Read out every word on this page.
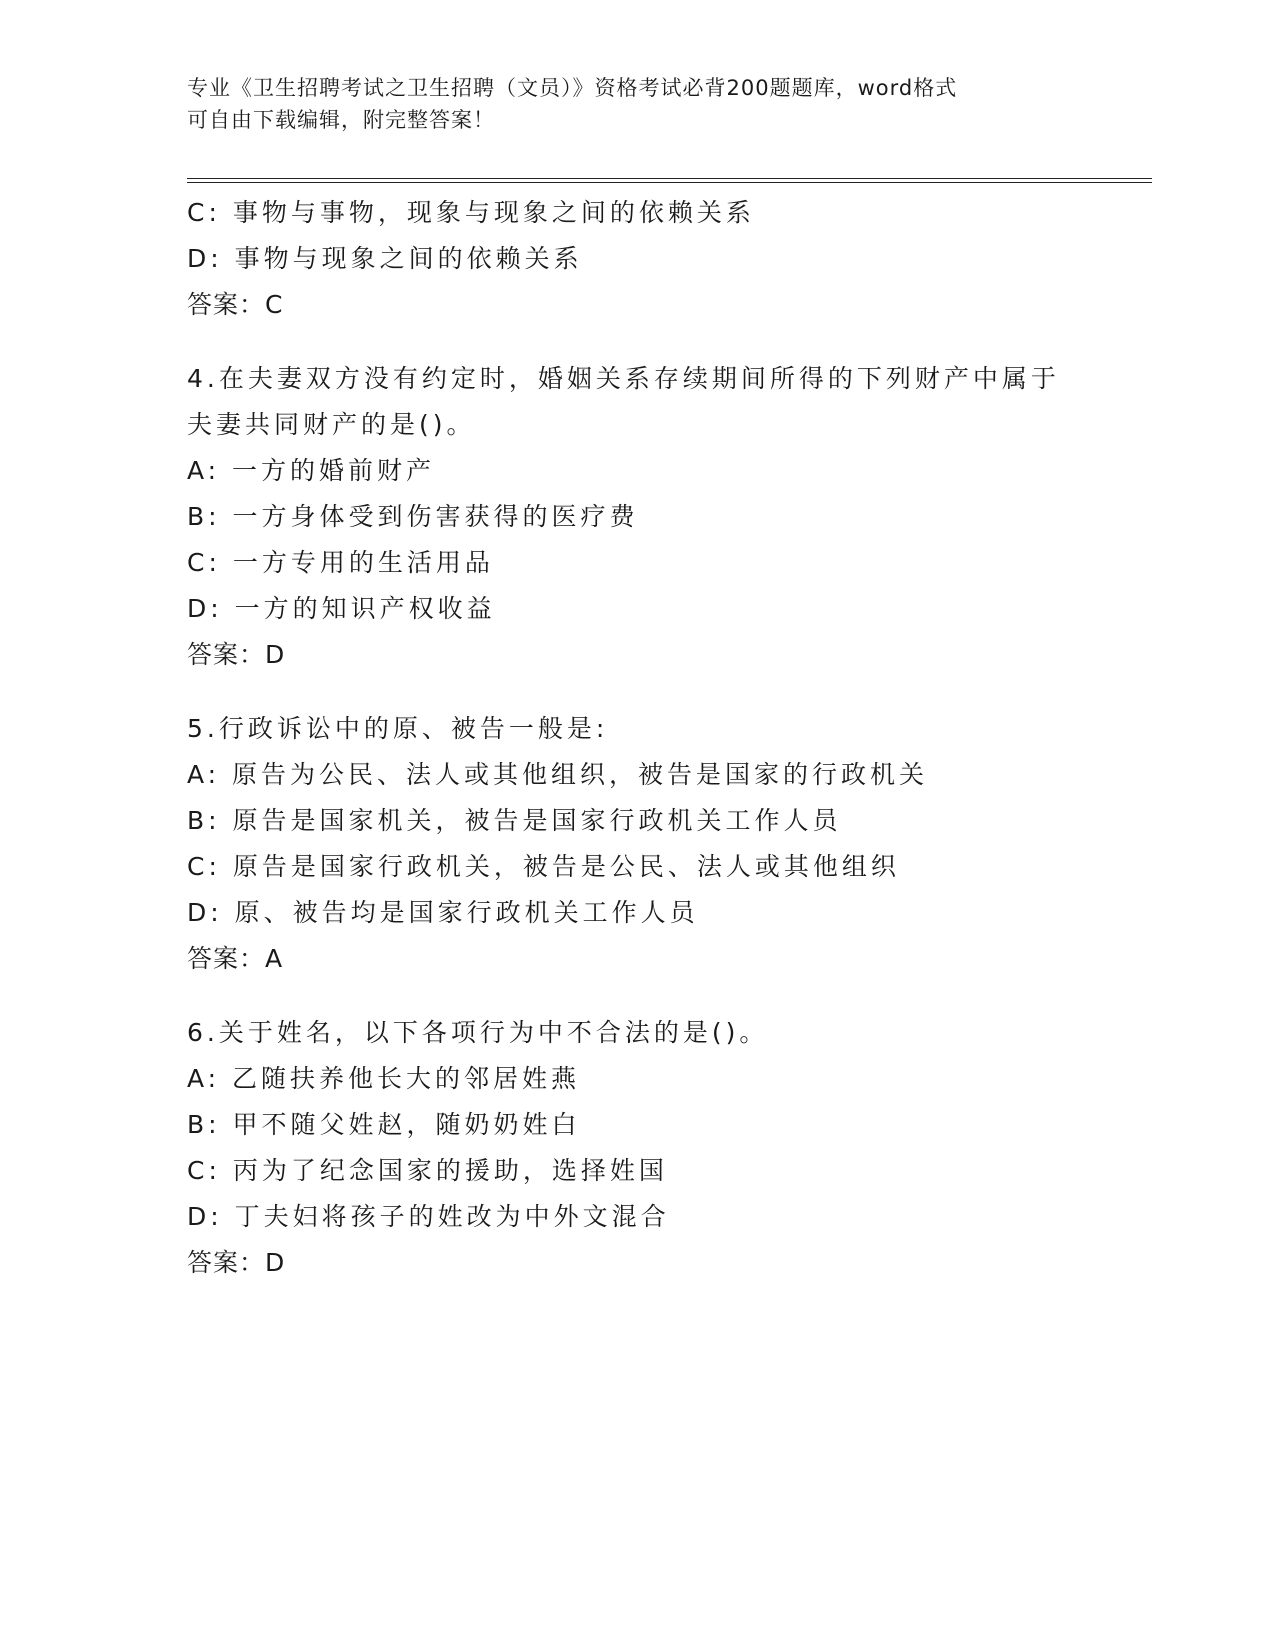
专业《卫生招聘考试之卫生招聘（文员）》资格考试必背200题题库，word格式
可自由下载编辑，附完整答案！
C: 事物与事物，现象与现象之间的依赖关系
D: 事物与现象之间的依赖关系
答案：C
4.在夫妻双方没有约定时，婚姻关系存续期间所得的下列财产中属于
夫妻共同财产的是()。
A: 一方的婚前财产
B: 一方身体受到伤害获得的医疗费
C: 一方专用的生活用品
D: 一方的知识产权收益
答案：D
5.行政诉讼中的原、被告一般是:
A: 原告为公民、法人或其他组织，被告是国家的行政机关
B: 原告是国家机关，被告是国家行政机关工作人员
C: 原告是国家行政机关，被告是公民、法人或其他组织
D: 原、被告均是国家行政机关工作人员
答案：A
6.关于姓名，以下各项行为中不合法的是()。
A: 乙随扶养他长大的邻居姓燕
B: 甲不随父姓赵，随奶奶姓白
C: 丙为了纪念国家的援助，选择姓国
D: 丁夫妇将孩子的姓改为中外文混合
答案：D
